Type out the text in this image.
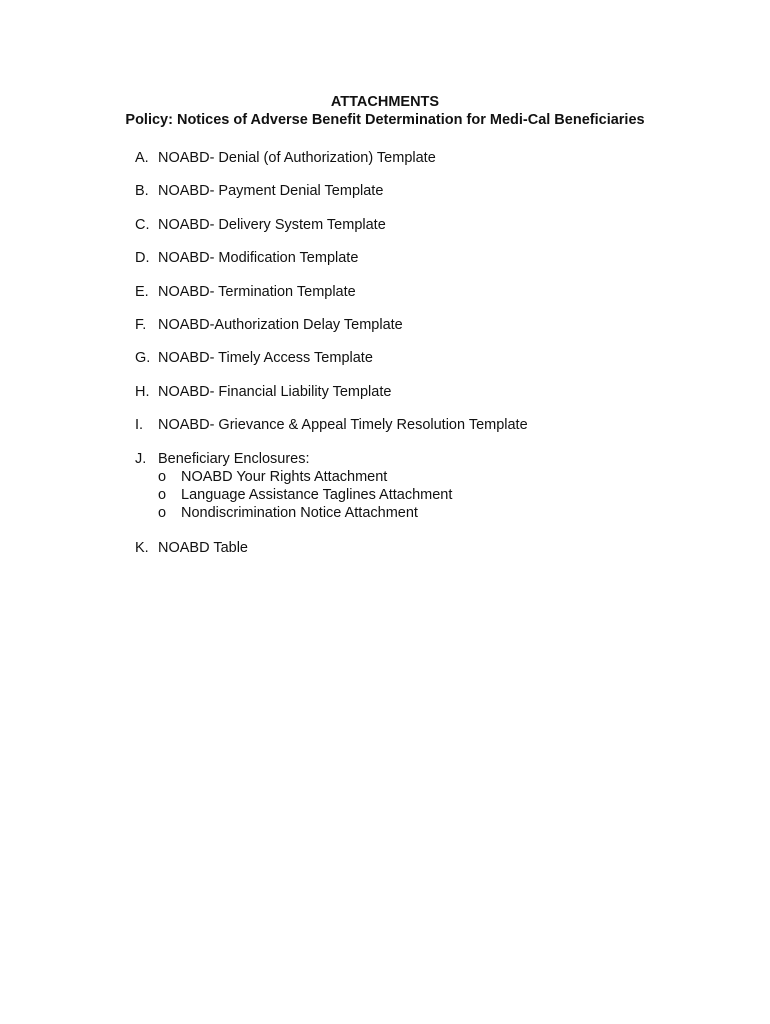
ATTACHMENTS
Policy: Notices of Adverse Benefit Determination for Medi-Cal Beneficiaries
A. NOABD- Denial (of Authorization) Template
B. NOABD- Payment Denial Template
C. NOABD- Delivery System Template
D. NOABD- Modification Template
E. NOABD- Termination Template
F. NOABD-Authorization Delay Template
G. NOABD- Timely Access Template
H. NOABD- Financial Liability Template
I.	NOABD- Grievance & Appeal Timely Resolution Template
J. Beneficiary Enclosures:
o NOABD Your Rights Attachment
o Language Assistance Taglines Attachment
o Nondiscrimination Notice Attachment
K. NOABD Table
